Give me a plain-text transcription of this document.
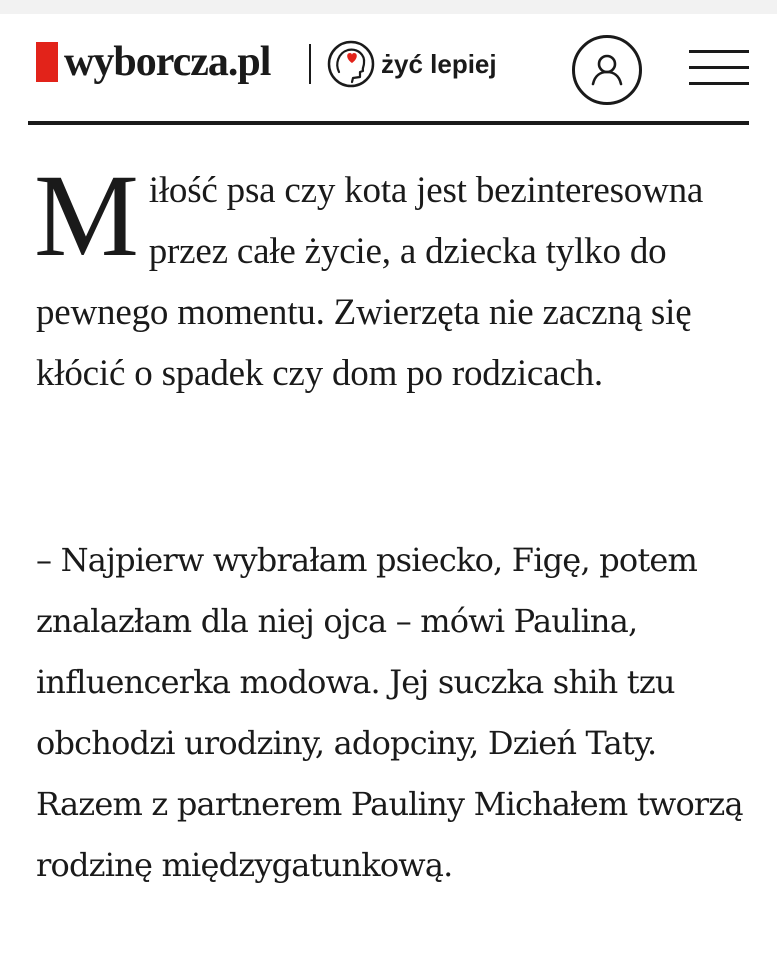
wyborcza.pl	żyć lepiej

Miłość psa czy kota jest bezinteresowna przez całe życie, a dziecka tylko do pewnego momentu. Zwierzęta nie zaczną się kłócić o spadek czy dom po rodzicach.

– Najpierw wybrałam psiecko, Figę, potem znalazłam dla niej ojca – mówi Paulina, influencerka modowa. Jej suczka shih tzu obchodzi urodziny, adopciny, Dzień Taty. Razem z partnerem Pauliny Michałem tworzą rodzinę międzygatunkową.
